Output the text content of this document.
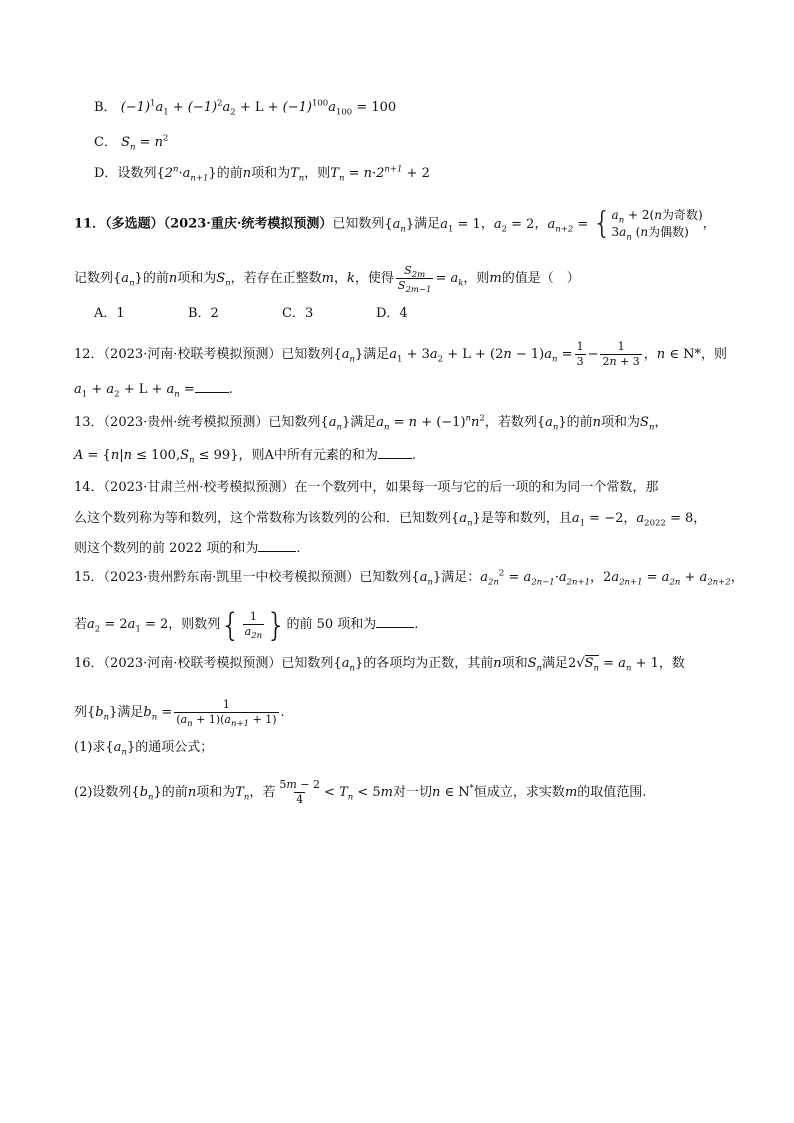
B． $(-1)^1a_1 + (-1)^2a_2 + L + (-1)^{100}a_{100} = 100$
C． $S_n = n^2$
D．设数列$\{2^n\cdot a_{n+1}\}$的前n项和为$T_n$，则$T_n = n\cdot 2^{n+1} + 2$
11．（多选题）（2023·重庆·统考模拟预测）已知数列$\{a_n\}$满足$a_1 = 1$，$a_2 = 2$，$a_{n+2}$ = { $a_n + 2(n$为奇数)
$3a_n$ (n为偶数)
，
记数列$\{a_n\}$的前n项和为$S_n$，若存在正整数m，k，使得 $\frac{S_{2m}}{S_{2m-1}} = a_k$，则m的值是（　）
A．1	B．2	C．3	D．4
12．（2023·河南·校联考模拟预测）已知数列$\{a_n\}$满足$a_1 + 3a_2 + L + (2n - 1)a_n = \frac{1}{3} - \frac{1}{2n + 3}$ ，n ∈ N*，则
$a_1 + a_2 + L + a_n$ =	.
13．（2023·贵州·统考模拟预测）已知数列$\{a_n\}$满足$a_n = n + (-1)^nn^2$，若数列$\{a_n\}$的前n项和为$S_n$，
$A = \{n|n \le 100,S_n \le 99\}$，则A中所有元素的和为	.
14．（2023·甘肃兰州·校考模拟预测）在一个数列中，如果每一项与它的后一项的和为同一个常数，那
么这个数列称为等和数列，这个常数称为该数列的公和．已知数列$\{a_n\}$是等和数列，且$a_1 = -2$，$a_{2022} = 8$，
则这个数列的前 2022 项的和为	．
15．（2023·贵州黔东南·凯里一中校考模拟预测）已知数列$\{a_n\}$满足：$a_{2n}^2 = a_{2n-1}\cdot a_{2n+1}$，$2a_{2n+1} = a_{2n} + a_{2n+2}$，
若$a_2 = 2a_1 = 2$，则数列{ $\frac{1}{a_{2n}}$ }的前 50 项和为	.
16．（2023·河南·校联考模拟预测）已知数列$\{a_n\}$的各项均为正数，其前n项和$S_n$满足$2√S_n = a_n + 1$，数
列$\{b_n\}$满足$b_n = \frac{1}{(a_n + 1)(a_{n+1} + 1)}$ .
(1)求$\{a_n\}$的通项公式；
(2)设数列$\{b_n\}$的前n项和为$T_n$，若 $\frac{5m - 2}{4} < T_n < 5m$对一切n ∈ N*恒成立，求实数m的取值范围.
